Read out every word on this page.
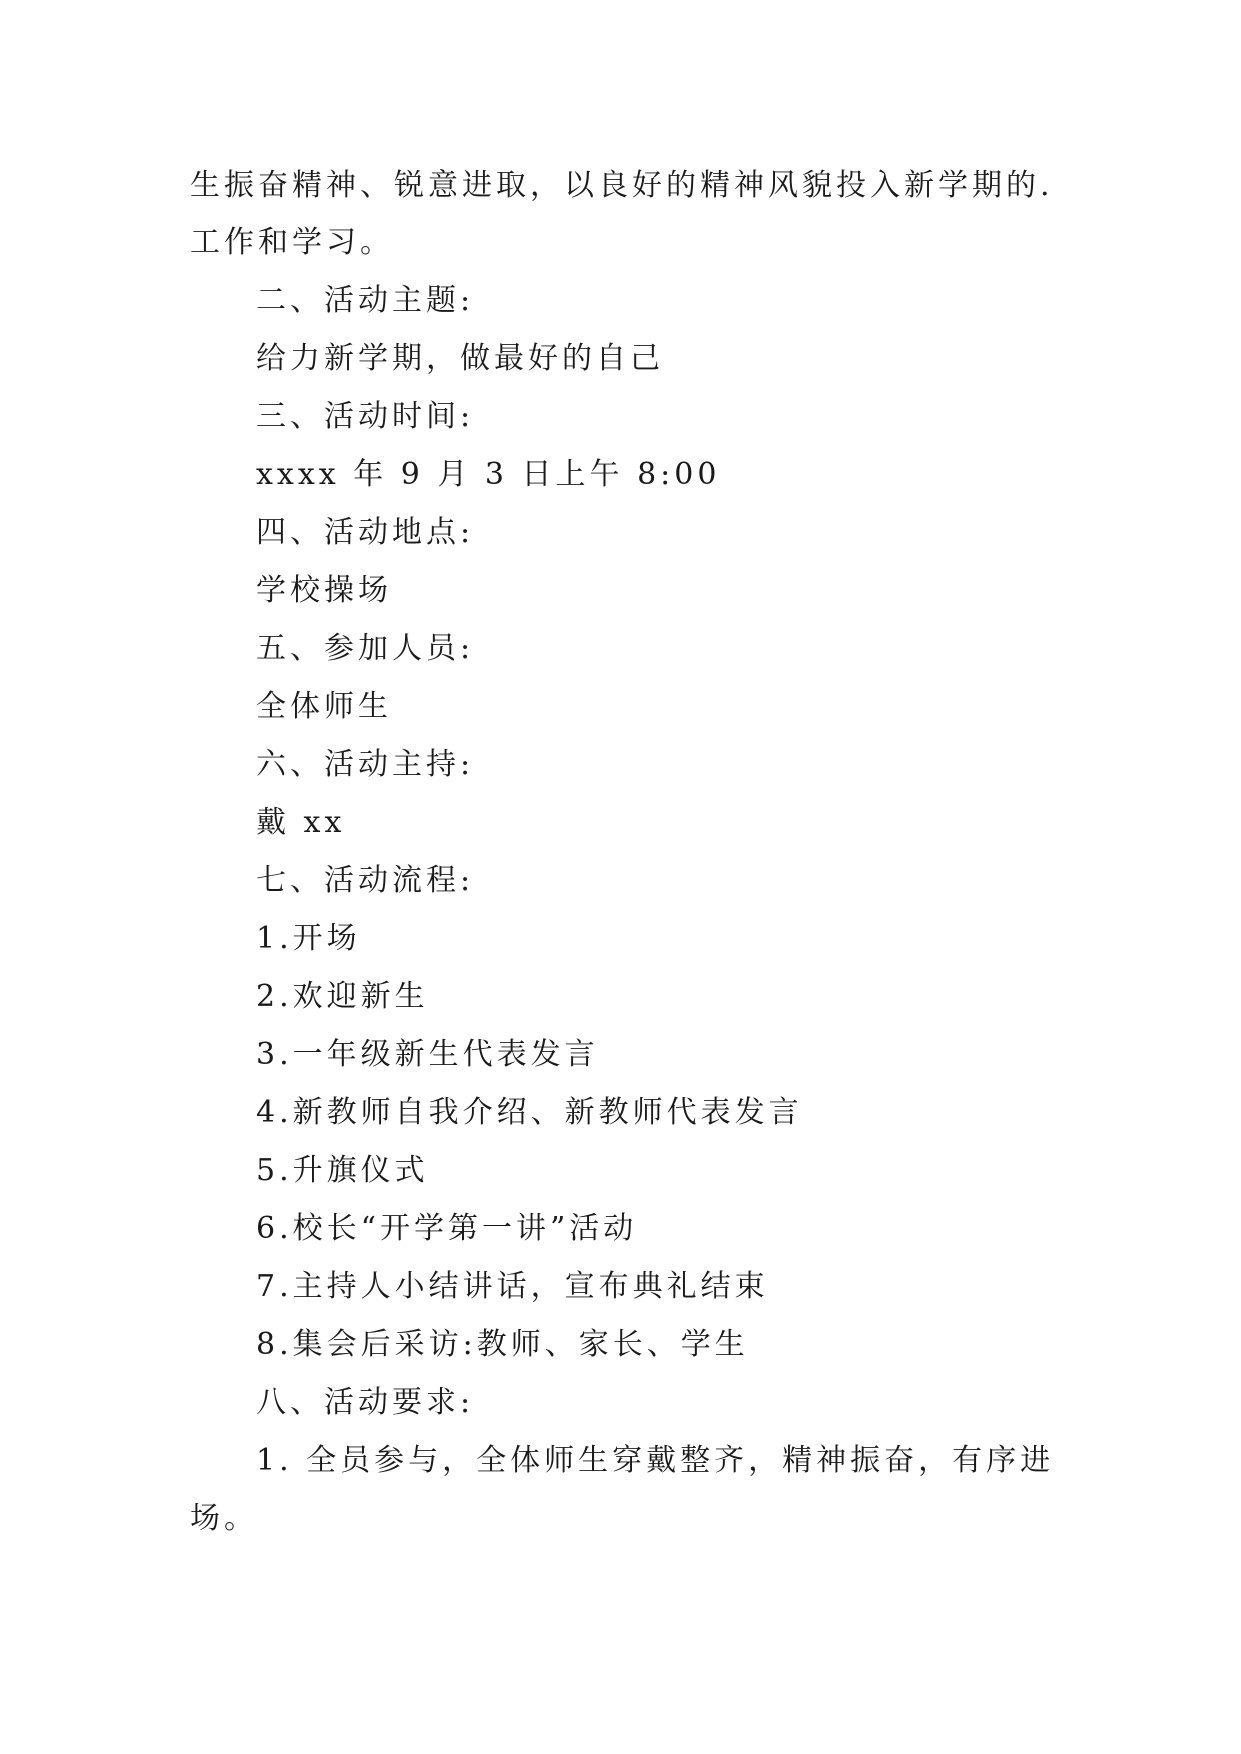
生振奋精神、锐意进取，以良好的精神风貌投入新学期的.
工作和学习。
二、活动主题:
给力新学期，做最好的自己
三、活动时间:
xxxx 年 9 月 3 日上午 8:00
四、活动地点:
学校操场
五、参加人员:
全体师生
六、活动主持:
戴 xx
七、活动流程:
1.开场
2.欢迎新生
3.一年级新生代表发言
4.新教师自我介绍、新教师代表发言
5.升旗仪式
6.校长“开学第一讲”活动
7.主持人小结讲话，宣布典礼结束
8.集会后采访:教师、家长、学生
八、活动要求:
1. 全员参与，全体师生穿戴整齐，精神振奋，有序进
场。
